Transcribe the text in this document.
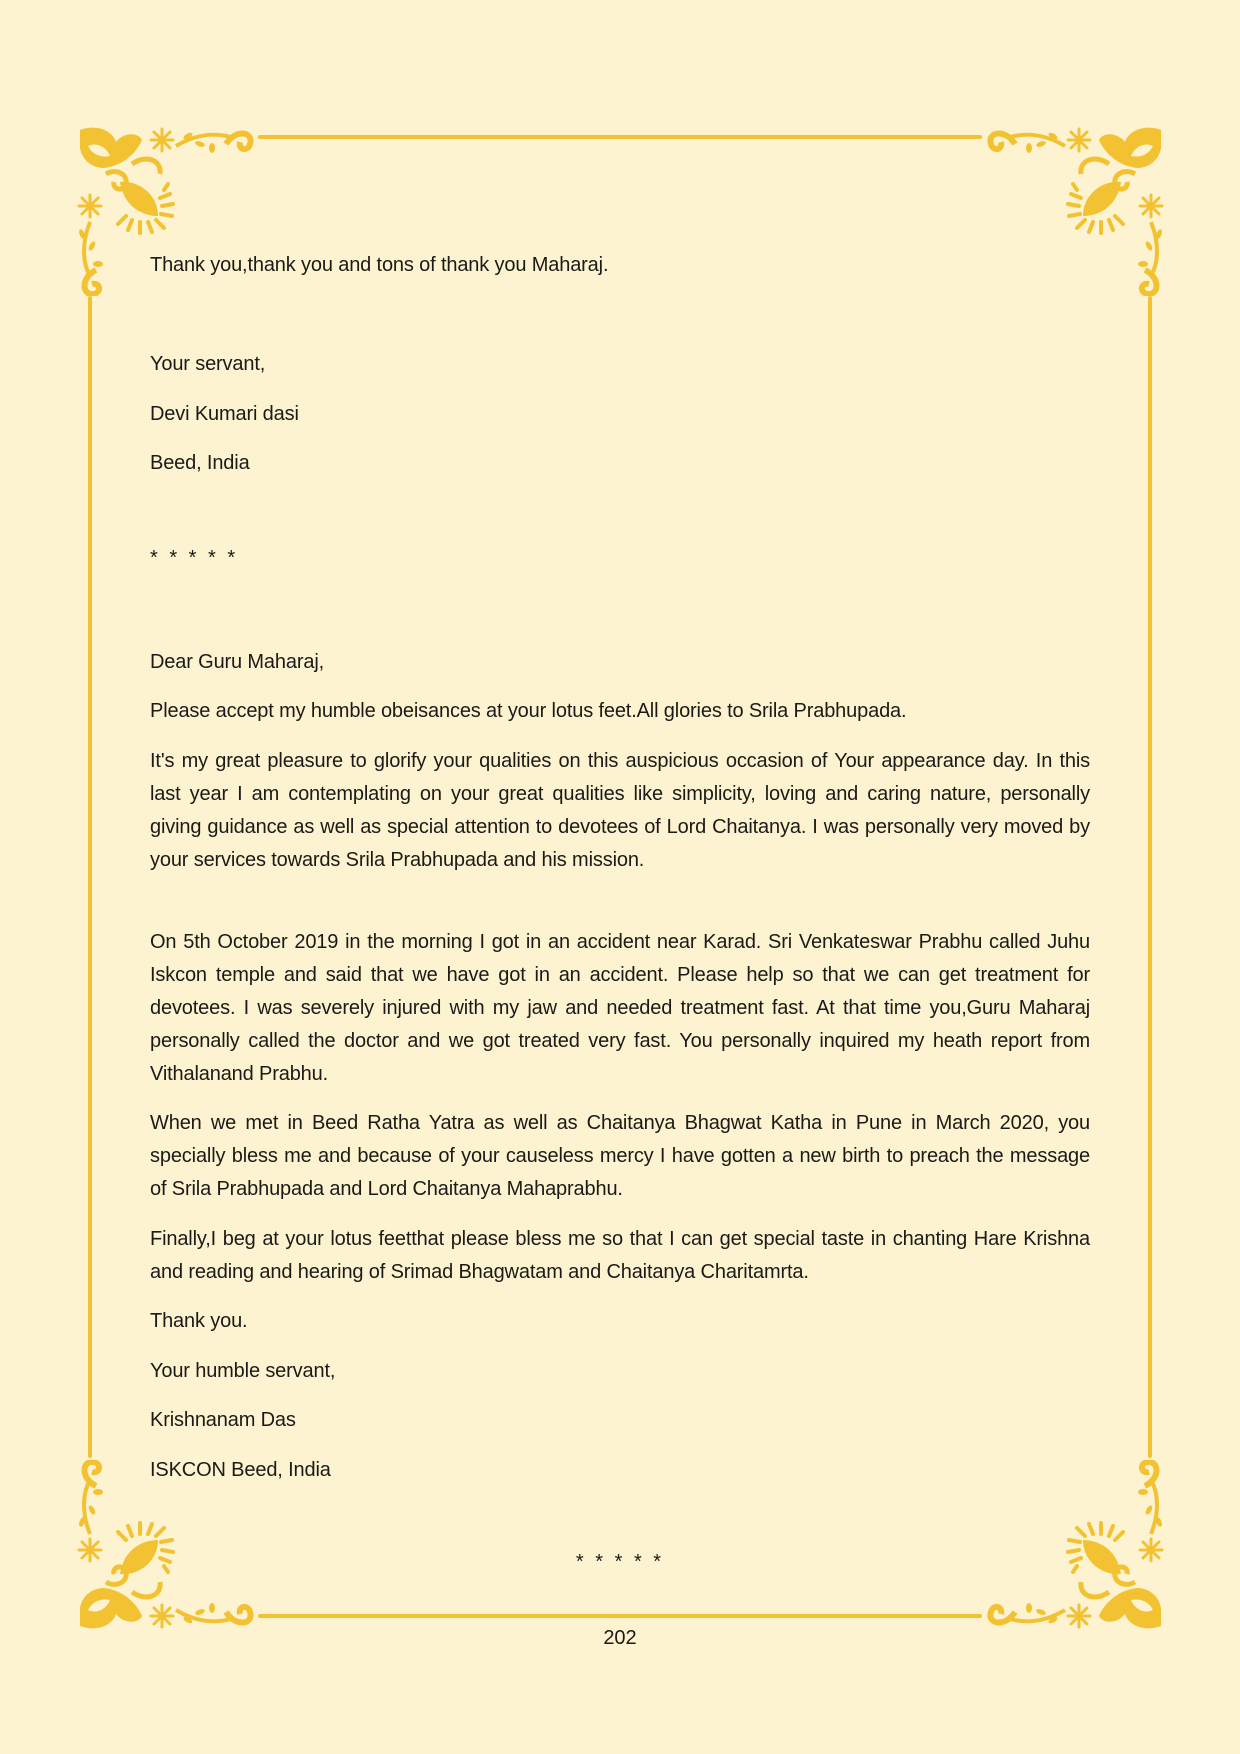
Thank you,thank you and tons of thank you Maharaj.
Your servant,
Devi Kumari dasi
Beed, India
* * * * *
Dear Guru Maharaj,
Please accept my humble obeisances at your lotus feet.All glories to Srila Prabhupada.

It's my great pleasure to glorify your qualities on this auspicious occasion of Your appearance day. In this last year I am contemplating on your great qualities like simplicity, loving and caring nature, personally giving guidance as well as special attention to devotees of Lord Chaitanya. I was personally very moved by your services towards Srila Prabhupada and his mission.

On 5th October 2019 in the morning I got in an accident near Karad. Sri Venkateswar Prabhu called Juhu Iskcon temple and said that we have got in an accident. Please help so that we can get treatment for devotees. I was severely injured with my jaw and needed treatment fast. At that time you,Guru Maharaj personally called the doctor and we got treated very fast. You personally inquired my heath report from Vithalanand Prabhu.

When we met in Beed Ratha Yatra as well as Chaitanya Bhagwat Katha in Pune in March 2020, you specially bless me and because of your causeless mercy I have gotten a new birth to preach the message of Srila Prabhupada and Lord Chaitanya Mahaprabhu.

Finally,I beg at your lotus feetthat please bless me so that I can get special taste in chanting Hare Krishna and reading and hearing of Srimad Bhagwatam and Chaitanya Charitamrta.

Thank you.
Your humble servant,
Krishnanam Das
ISKCON Beed, India
* * * * *
202
